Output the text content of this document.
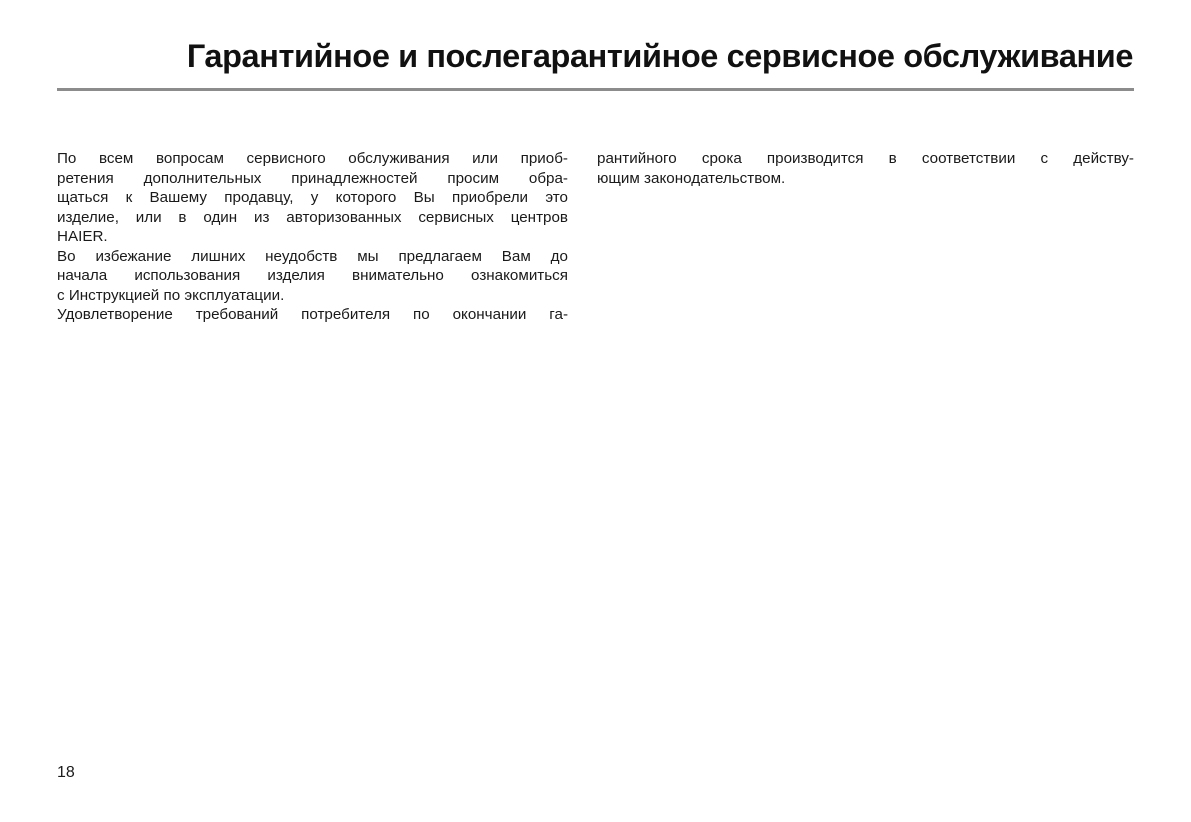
Гарантийное и послегарантийное сервисное обслуживание
По всем вопросам сервисного обслуживания или приоб-
ретения дополнительных принадлежностей просим обра-
щаться к Вашему продавцу, у которого Вы приобрели это
изделие, или в один из авторизованных сервисных центров
HAIER.
Во избежание лишних неудобств мы предлагаем Вам до
начала использования изделия внимательно ознакомиться
с Инструкцией по эксплуатации.
Удовлетворение требований потребителя по окончании га-
рантийного срока производится в соответствии с действу-
ющим законодательством.
18
